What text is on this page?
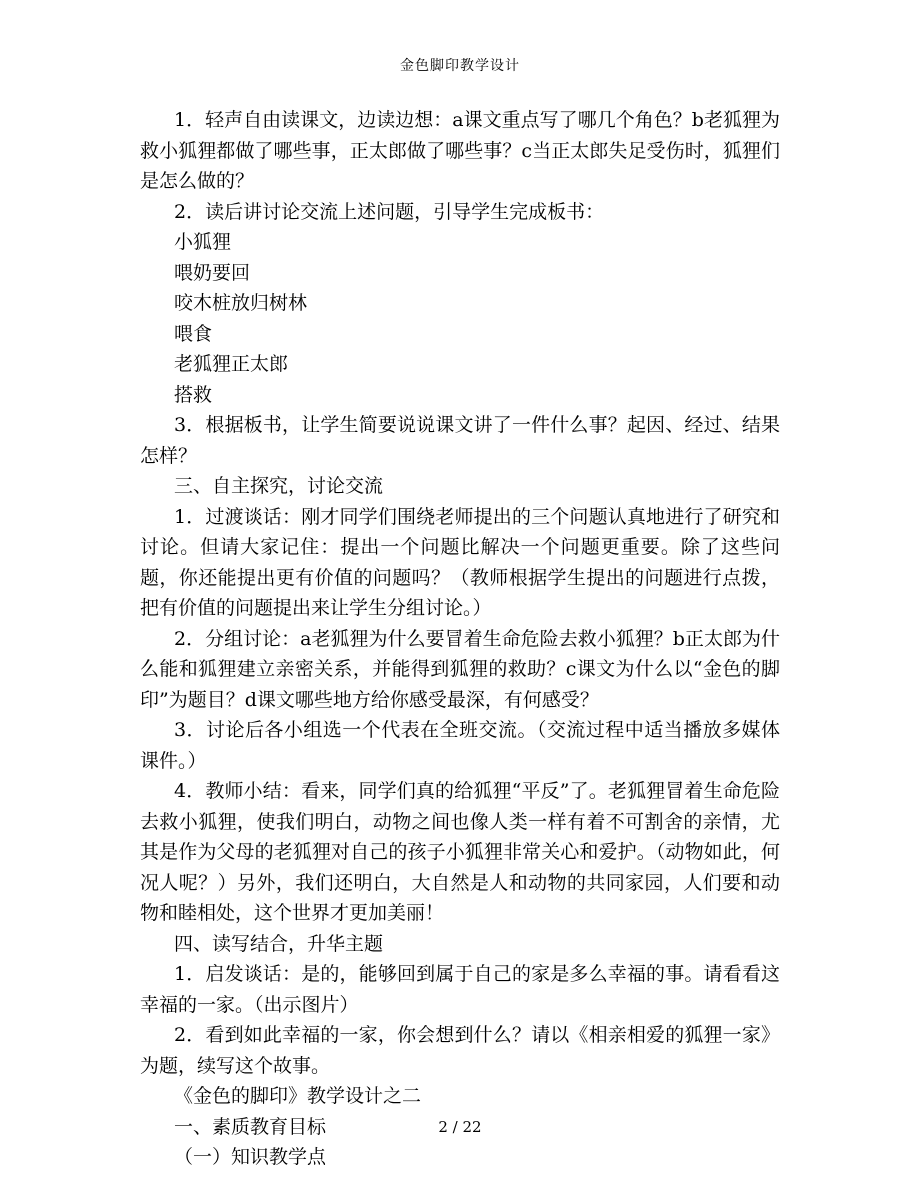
金色脚印教学设计

1．轻声自由读课文，边读边想：a课文重点写了哪几个角色？b老狐狸为救小狐狸都做了哪些事，正太郎做了哪些事？c当正太郎失足受伤时，狐狸们是怎么做的？

2．读后讲讨论交流上述问题，引导学生完成板书：

小狐狸

喂奶要回

咬木桩放归树林

喂食

老狐狸正太郎

搭救

3．根据板书，让学生简要说说课文讲了一件什么事？起因、经过、结果怎样？

三、自主探究，讨论交流

1．过渡谈话：刚才同学们围绕老师提出的三个问题认真地进行了研究和讨论。但请大家记住：提出一个问题比解决一个问题更重要。除了这些问题，你还能提出更有价值的问题吗？（教师根据学生提出的问题进行点拨，把有价值的问题提出来让学生分组讨论。）

2．分组讨论：a老狐狸为什么要冒着生命危险去救小狐狸？b正太郎为什么能和狐狸建立亲密关系，并能得到狐狸的救助？c课文为什么以“金色的脚印”为题目？d课文哪些地方给你感受最深，有何感受？

3．讨论后各小组选一个代表在全班交流。（交流过程中适当播放多媒体课件。）

4．教师小结：看来，同学们真的给狐狸“平反”了。老狐狸冒着生命危险去救小狐狸，使我们明白，动物之间也像人类一样有着不可割舍的亲情，尤其是作为父母的老狐狸对自己的孩子小狐狸非常关心和爱护。（动物如此，何况人呢？）另外，我们还明白，大自然是人和动物的共同家园，人们要和动物和睦相处，这个世界才更加美丽！

四、读写结合，升华主题

1．启发谈话：是的，能够回到属于自己的家是多么幸福的事。请看看这幸福的一家。（出示图片）

2．看到如此幸福的一家，你会想到什么？请以《相亲相爱的狐狸一家》为题，续写这个故事。

《金色的脚印》教学设计之二

一、素质教育目标

（一）知识教学点

2 / 22
